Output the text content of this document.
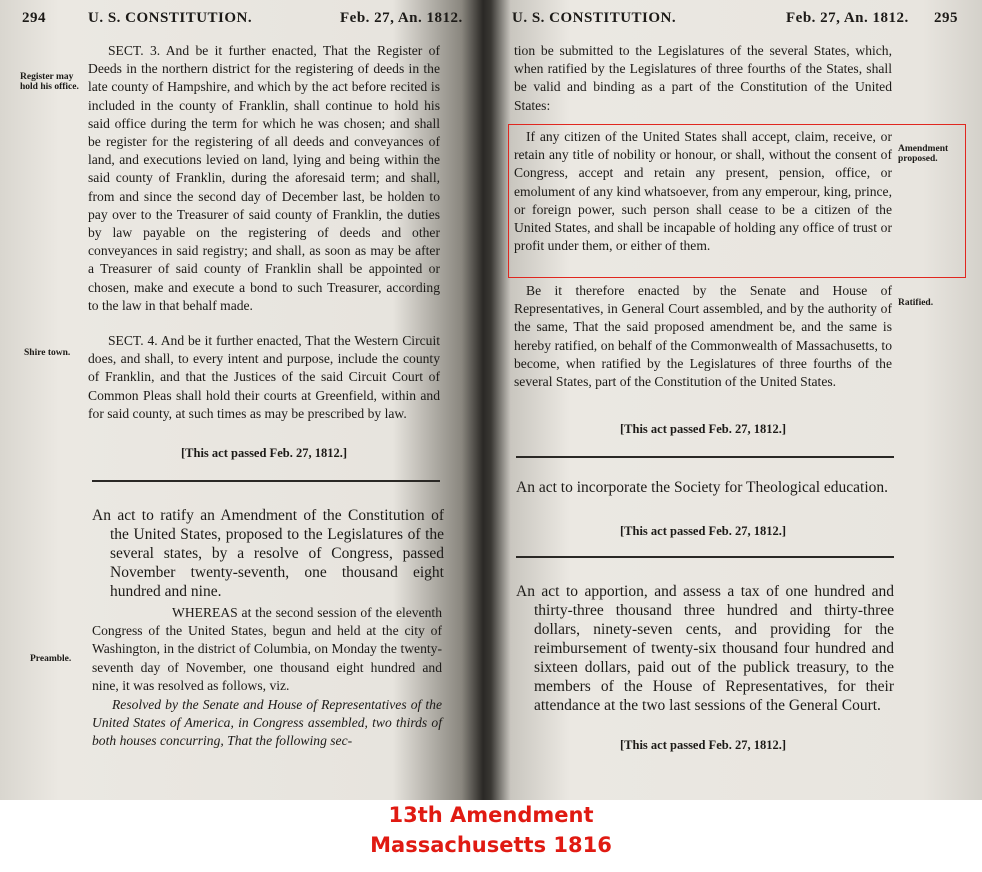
294	U. S. CONSTITUTION.	Feb. 27, An. 1812.
Register may hold his office.
Shire town.
Preamble.
SECT. 3. And be it further enacted, That the Register of Deeds in the northern district for the registering of deeds in the late county of Hampshire, and which by the act before recited is included in the county of Franklin, shall continue to hold his said office during the term for which he was chosen; and shall be register for the registering of all deeds and conveyances of land, and executions levied on land, lying and being within the said county of Franklin, during the aforesaid term; and shall, from and since the second day of December last, be holden to pay over to the Treasurer of said county of Franklin, the duties by law payable on the registering of deeds and other conveyances in said registry; and shall, as soon as may be after a Treasurer of said county of Franklin shall be appointed or chosen, make and execute a bond to such Treasurer, according to the law in that behalf made.
SECT. 4. And be it further enacted, That the Western Circuit does, and shall, to every intent and purpose, include the county of Franklin, and that the Justices of the said Circuit Court of Common Pleas shall hold their courts at Greenfield, within and for said county, at such times as may be prescribed by law.
[This act passed Feb. 27, 1812.]
An act to ratify an Amendment of the Constitution of the United States, proposed to the Legislatures of the several states, by a resolve of Congress, passed November twenty-seventh, one thousand eight hundred and nine.
WHEREAS at the second session of the eleventh Congress of the United States, begun and held at the city of Washington, in the district of Columbia, on Monday the twenty-seventh day of November, one thousand eight hundred and nine, it was resolved as follows, viz.
Resolved by the Senate and House of Representatives of the United States of America, in Congress assembled, two thirds of both houses concurring, That the following sec-
U. S. CONSTITUTION.	Feb. 27, An. 1812. 295
tion be submitted to the Legislatures of the several States, which, when ratified by the Legislatures of three fourths of the States, shall be valid and binding as a part of the Constitution of the United States:
If any citizen of the United States shall accept, claim, receive, or retain any title of nobility or honour, or shall, without the consent of Congress, accept and retain any present, pension, office, or emolument of any kind whatsoever, from any emperour, king, prince, or foreign power, such person shall cease to be a citizen of the United States, and shall be incapable of holding any office of trust or profit under them, or either of them.
Amendment proposed.
Be it therefore enacted by the Senate and House of Representatives, in General Court assembled, and by the authority of the same, That the said proposed amendment be, and the same is hereby ratified, on behalf of the Commonwealth of Massachusetts, to become, when ratified by the Legislatures of three fourths of the several States, part of the Constitution of the United States.
Ratified.
[This act passed Feb. 27, 1812.]
An act to incorporate the Society for Theological education.
[This act passed Feb. 27, 1812.]
An act to apportion, and assess a tax of one hundred and thirty-three thousand three hundred and thirty-three dollars, ninety-seven cents, and providing for the reimbursement of twenty-six thousand four hundred and sixteen dollars, paid out of the publick treasury, to the members of the House of Representatives, for their attendance at the two last sessions of the General Court.
[This act passed Feb. 27, 1812.]
13th Amendment
Massachusetts 1816
